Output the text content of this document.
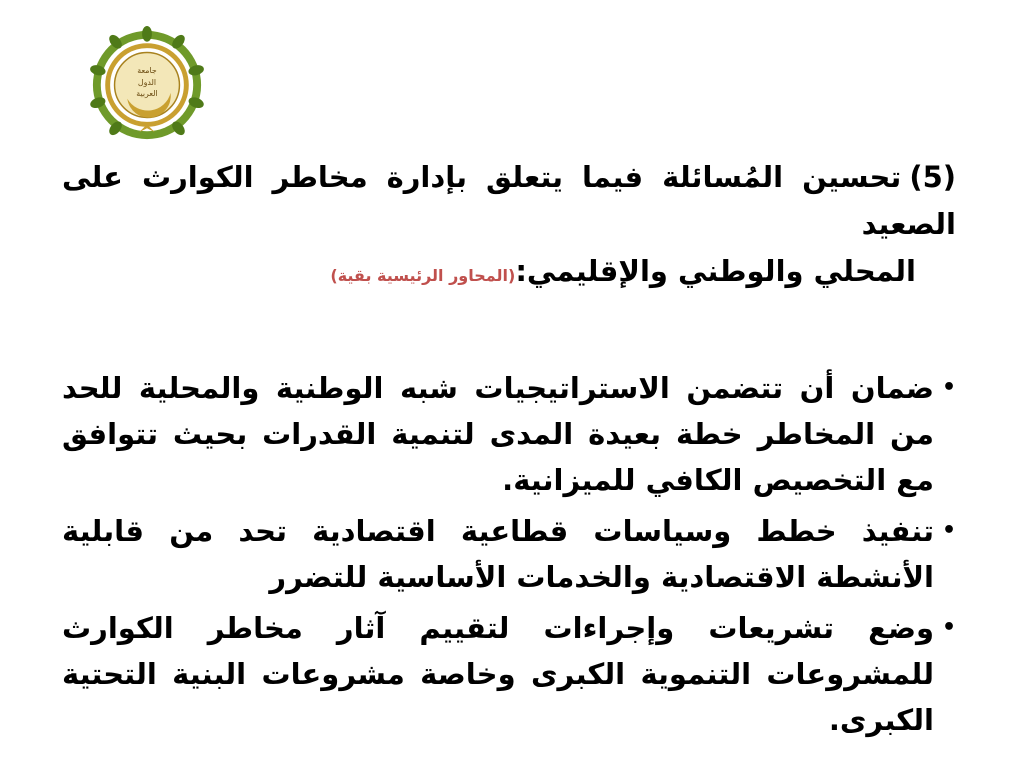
جامعة
الدول
العربية

(5)تحسين المُسائلة فيما يتعلق بإدارة مخاطر الكوارث على الصعيد
المحلي والوطني والإقليمي:(المحاور الرئيسية بقية)

•
ضمان أن تتضمن الاستراتيجيات شبه الوطنية والمحلية للحد من المخاطر خطة بعيدة المدى لتنمية القدرات بحيث تتوافق مع التخصيص الكافي للميزانية.
•
تنفيذ خطط وسياسات قطاعية اقتصادية تحد من قابلية الأنشطة الاقتصادية والخدمات الأساسية للتضرر
•
وضع تشريعات وإجراءات لتقييم آثار مخاطر الكوارث للمشروعات التنموية الكبرى وخاصة مشروعات البنية التحتية الكبرى.
